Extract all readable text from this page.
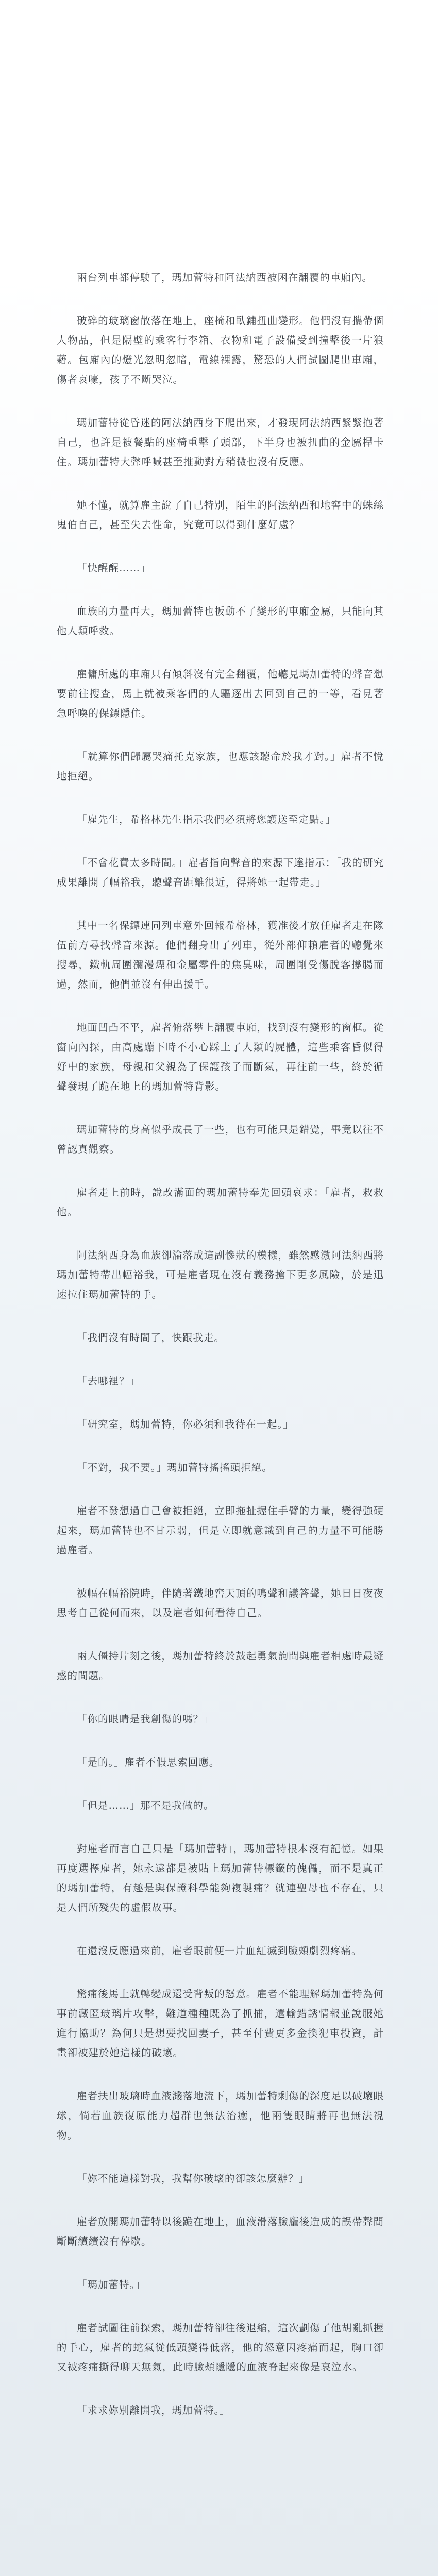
兩台列車都停駛了，瑪加蕾特和阿法納西被困在翻覆的車廂內。

破碎的玻璃窗散落在地上，座椅和臥鋪扭曲變形。他們沒有攜帶個人物品，但是隔壁的乘客行李箱、衣物和電子設備受到撞擊後一片狼藉。包廂內的燈光忽明忽暗，電線裸露，驚恐的人們試圖爬出車廂，傷者哀嚎，孩子不斷哭泣。

瑪加蕾特從昏迷的阿法納西身下爬出來，才發現阿法納西緊緊抱著自己，也許是被餐點的座椅重擊了頭部，下半身也被扭曲的金屬桿卡住。瑪加蕾特大聲呼喊甚至推動對方稍微也沒有反應。

她不懂，就算雇主說了自己特別，陌生的阿法納西和地窖中的蛛絲鬼伯自己，甚至失去性命，究竟可以得到什麼好處？

「快醒醒……」

血族的力量再大，瑪加蕾特也扳動不了變形的車廂金屬，只能向其他人類呼救。

雇傭所處的車廂只有傾斜沒有完全翻覆，他聽見瑪加蕾特的聲音想要前往搜查，馬上就被乘客們的人驅逐出去回到自己的一等，看見著急呼喚的保鏢隱住。

「就算你們歸屬哭痛托克家族，也應該聽命於我才對。」雇者不悅地拒絕。

「雇先生，希格林先生指示我們必須將您護送至定點。」

「不會花費太多時間。」雇者指向聲音的來源下達指示：「我的研究成果離開了幅裕我，聽聲音距離很近，得將她一起帶走。」

其中一名保鏢連同列車意外回報希格林，獲准後才放任雇者走在隊伍前方尋找聲音來源。他們翻身出了列車，從外部仰賴雇者的聽覺來搜尋，鐵軌周圍瀰漫煙和金屬零件的焦臭味，周圍剛受傷脫客撐腸而過，然而，他們並沒有伸出援手。

地面凹凸不平，雇者俯落攀上翻覆車廂，找到沒有變形的窗框。從窗向內探，由高處蹦下時不小心踩上了人類的屍體，這些乘客昏似得好中的家族，母親和父親為了保護孩子而斷氣，再往前一些，終於循聲發現了跪在地上的瑪加蕾特背影。

瑪加蕾特的身高似乎成長了一些，也有可能只是錯覺，畢竟以往不曾認真觀察。

雇者走上前時，說改滿面的瑪加蕾特奉先回頭哀求：「雇者，救救他。」

阿法納西身為血族卻淪落成這副慘狀的模樣，雖然感激阿法納西將瑪加蕾特帶出幅裕我，可是雇者現在沒有義務搶下更多風險，於是迅速拉住瑪加蕾特的手。

「我們沒有時間了，快跟我走。」

「去哪裡？」

「研究室，瑪加蕾特，你必須和我待在一起。」

「不對，我不要。」瑪加蕾特搖搖頭拒絕。

雇者不發想過自己會被拒絕，立即拖扯握住手臂的力量，變得強硬起來，瑪加蕾特也不甘示弱，但是立即就意識到自己的力量不可能勝過雇者。

被幅在幅裕院時，伴隨著鐵地窖天頂的鳴聲和議答聲，她日日夜夜思考自己從何而來，以及雇者如何看待自己。

兩人僵持片刻之後，瑪加蕾特終於鼓起勇氣詢問與雇者相處時最疑惑的問題。

「你的眼睛是我創傷的嗎？」

「是的。」雇者不假思索回應。

「但是……」那不是我做的。

對雇者而言自己只是「瑪加蕾特」，瑪加蕾特根本沒有記憶。如果再度選擇雇者，她永遠都是被貼上瑪加蕾特標籤的傀儡，而不是真正的瑪加蕾特，有趣是與保證科學能夠複製痛？就連聖母也不存在，只是人們所殘失的虛假故事。

在還沒反應過來前，雇者眼前便一片血紅滅到臉頰劇烈疼痛。

驚痛後馬上就轉變成還受背叛的怒意。雇者不能理解瑪加蕾特為何事前藏匿玻璃片攻擊，難道種種既為了抓捕，還輸錯誘情報並說服她進行協助？為何只是想要找回妻子，甚至付費更多金換犯車投資，計畫卻被建於她這樣的破壞。

雇者扶出玻璃時血液濺落地流下，瑪加蕾特剩傷的深度足以破壞眼球，倘若血族復原能力超群也無法治癒，他兩隻眼睛將再也無法視物。

「妳不能這樣對我，我幫你破壞的卻該怎麼辦？」

雇者放開瑪加蕾特以後跪在地上，血液滑落臉龐後造成的誤帶聲間斷斷續續沒有停歇。

「瑪加蕾特。」

雇者試圖往前探索，瑪加蕾特卻往後退縮，這次劃傷了他胡亂抓握的手心，雇者的蛇氣從低頭變得低落，他的怒意因疼痛而起，胸口卻又被疼痛撕得聊天無氣，此時臉頰隱隱的血液脊起來像是哀泣水。

「求求妳別離開我，瑪加蕾特。」
